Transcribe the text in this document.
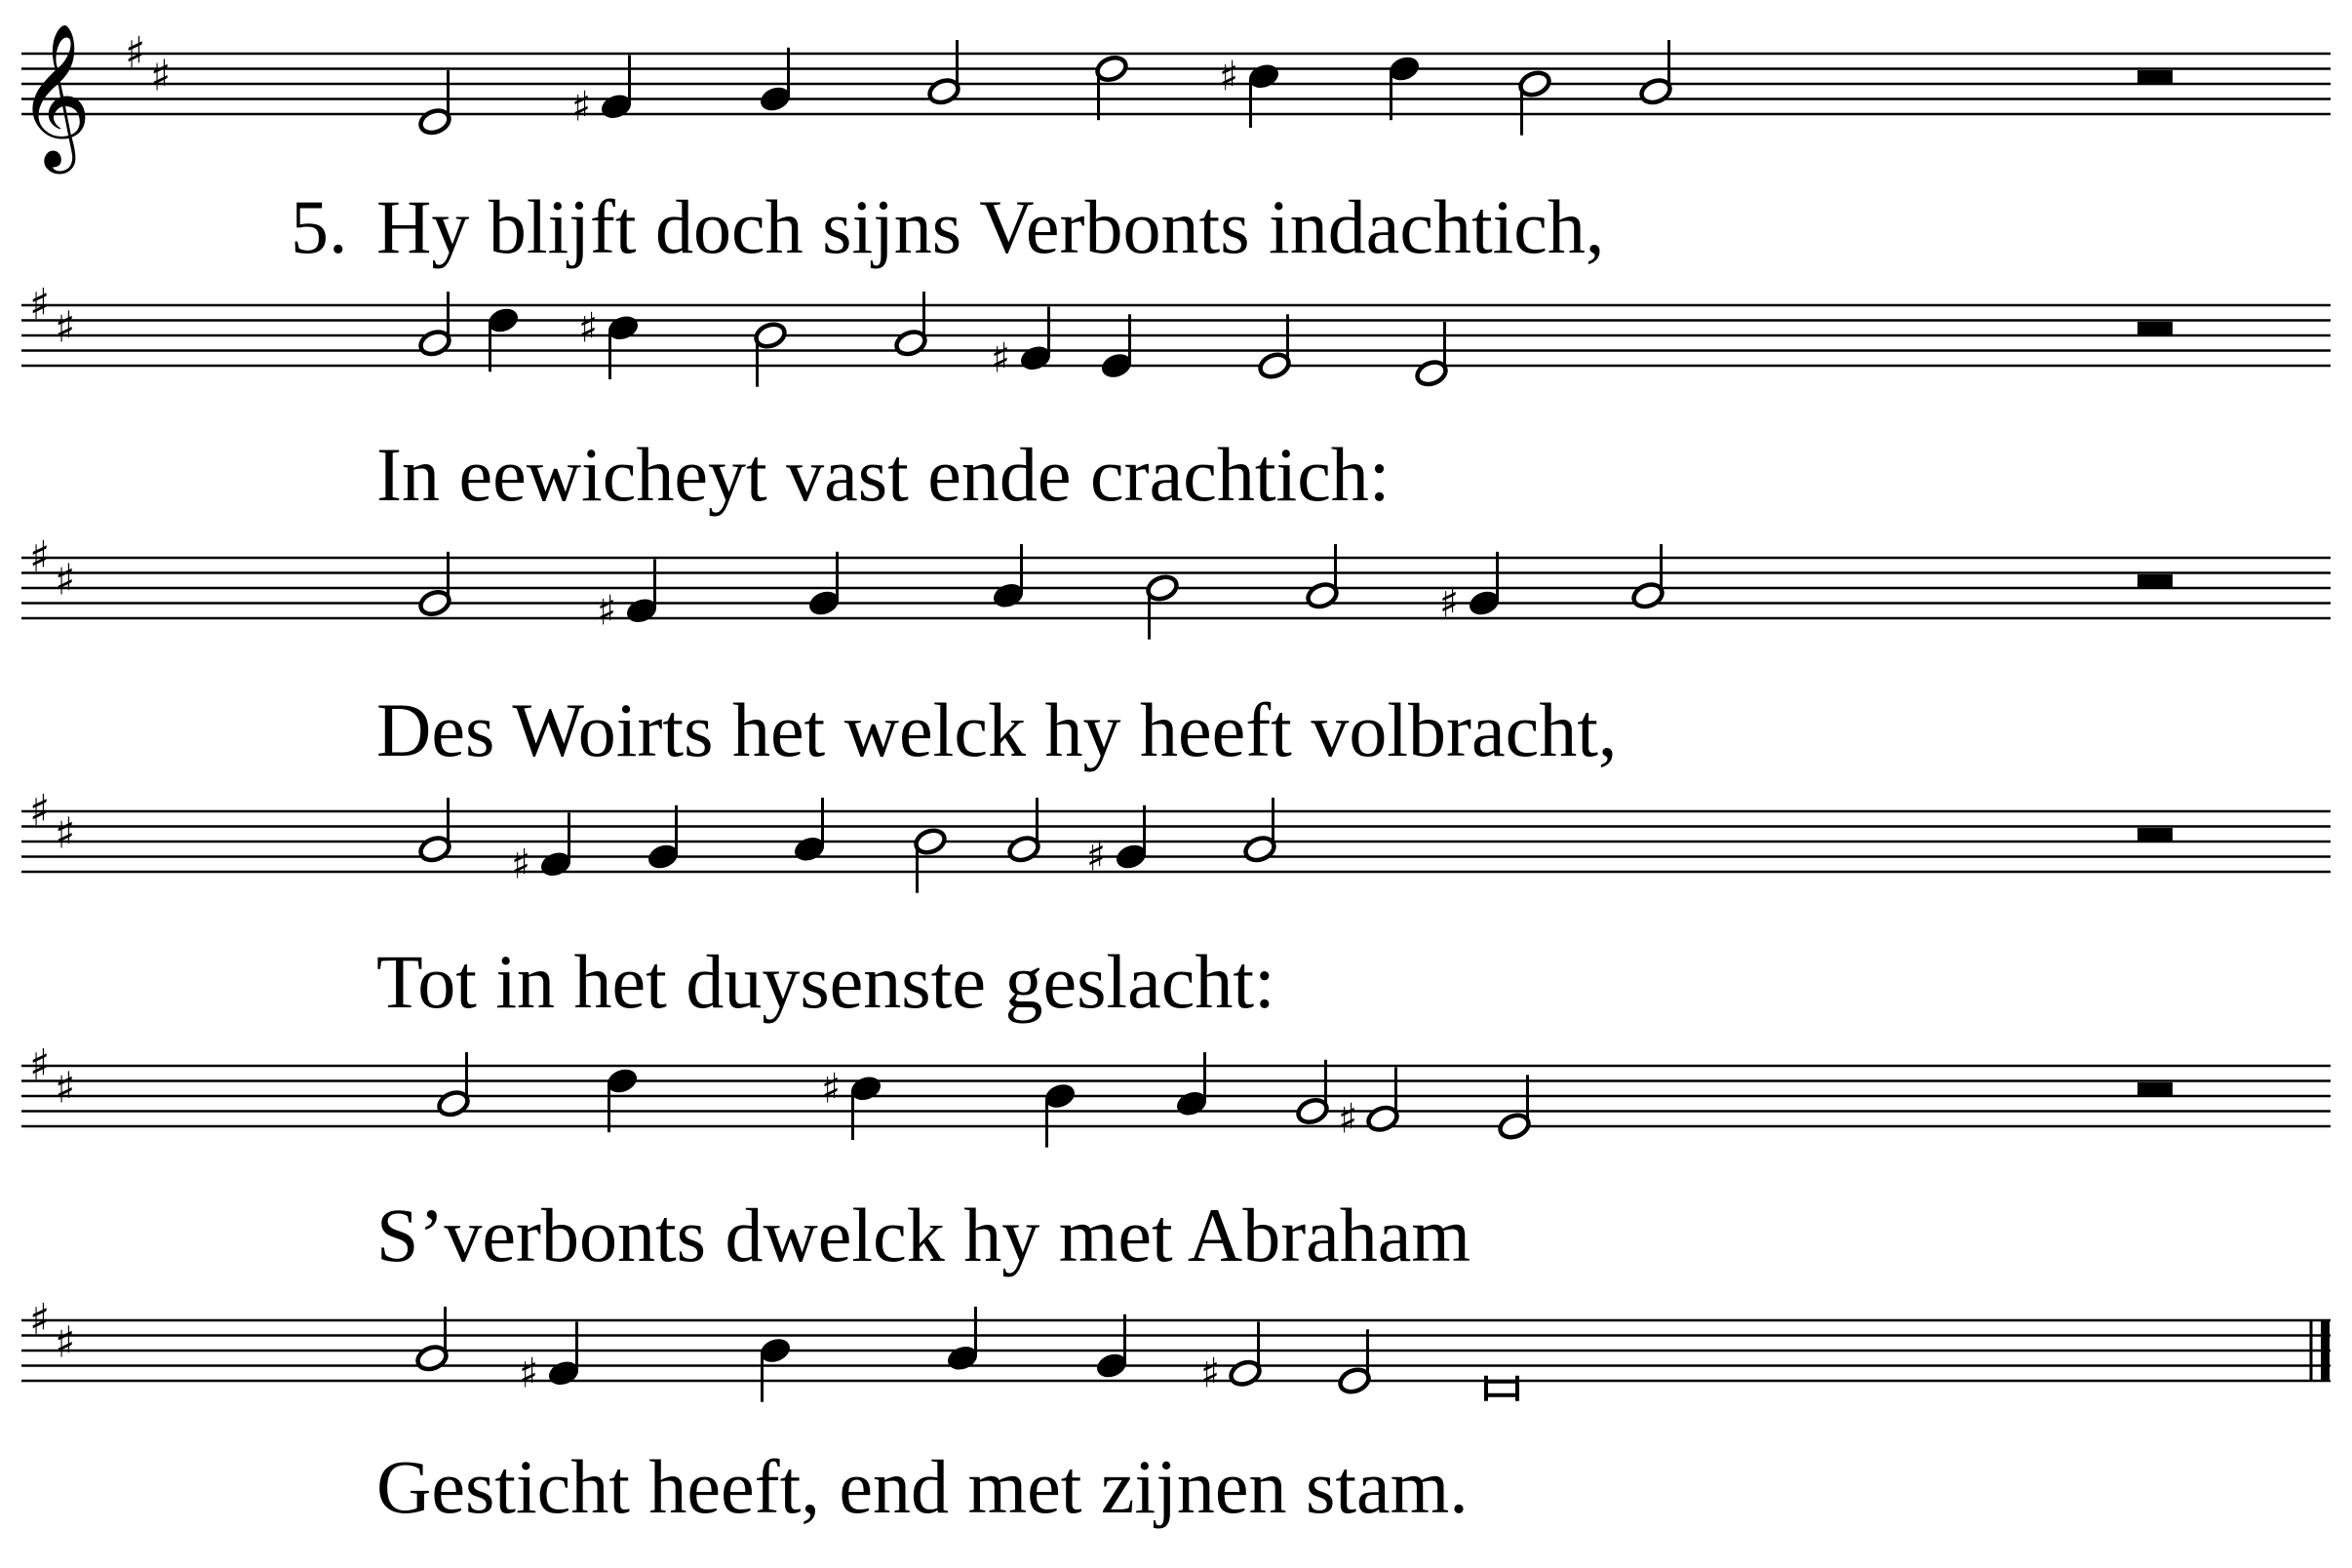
𝄞 ♯ ♯
♯
♯
♯ ♯	♯
♯
♯ ♯
♯	♯
♯ ♯
♯	♯
♯ ♯	♯
♯
♯ ♯
♯	♯
5. Hy blijft doch sijns Verbonts indachtich,
In eewicheyt vast ende crachtich:
Des Woirts het welck hy heeft volbracht,
Tot in het duysenste geslacht:
S’verbonts dwelck hy met Abraham
Gesticht heeft, end met zijnen stam.
